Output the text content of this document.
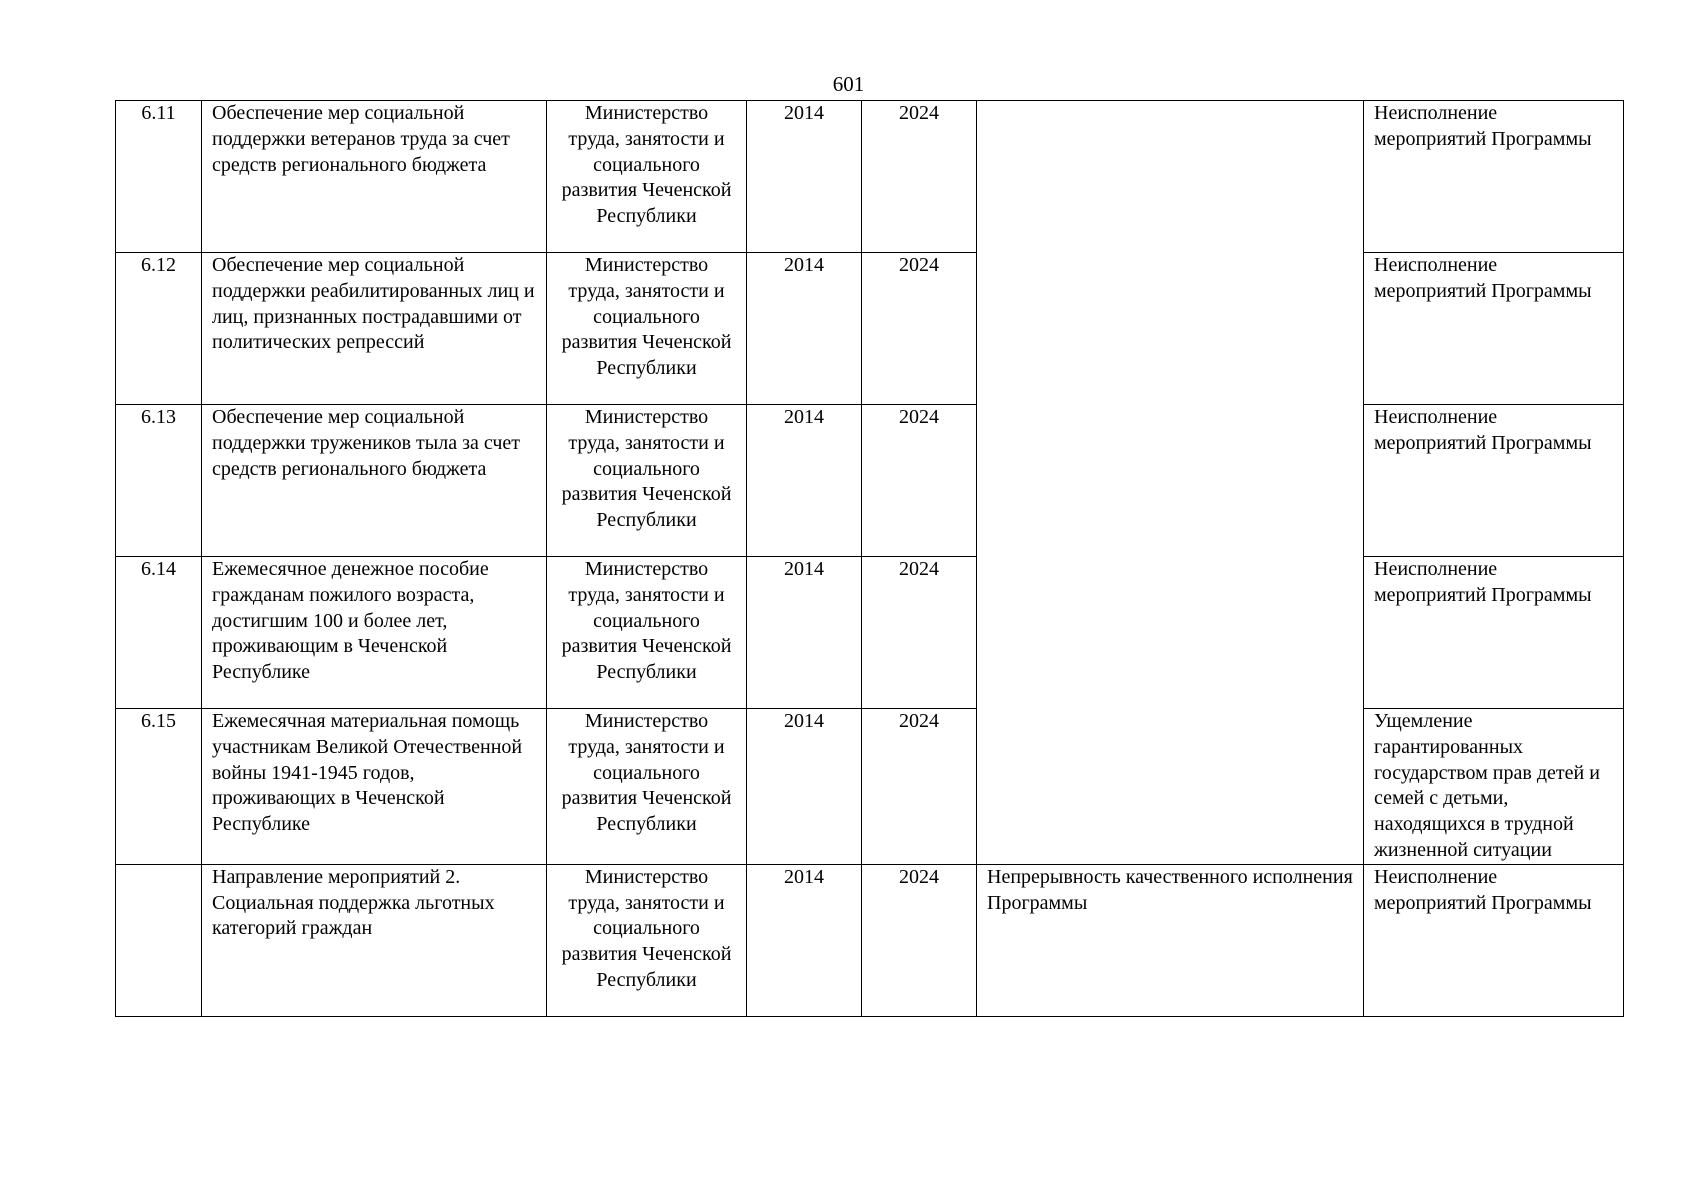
601
6.11	Обеспечение мер социальной поддержки ветеранов труда за счет средств регионального бюджета	Министерство труда, занятости и социального развития Чеченской Республики	2014	2024		Неисполнение мероприятий Программы
6.12	Обеспечение мер социальной поддержки реабилитированных лиц и лиц, признанных пострадавшими от политических репрессий	Министерство труда, занятости и социального развития Чеченской Республики	2014	2024		Неисполнение мероприятий Программы
6.13	Обеспечение мер социальной поддержки тружеников тыла за счет средств регионального бюджета	Министерство труда, занятости и социального развития Чеченской Республики	2014	2024		Неисполнение мероприятий Программы
6.14	Ежемесячное денежное пособие гражданам пожилого возраста, достигшим 100 и более лет, проживающим в Чеченской Республике	Министерство труда, занятости и социального развития Чеченской Республики	2014	2024		Неисполнение мероприятий Программы
6.15	Ежемесячная материальная помощь участникам Великой Отечественной войны 1941-1945 годов, проживающих в Чеченской Республике	Министерство труда, занятости и социального развития Чеченской Республики	2014	2024		Ущемление гарантированных государством прав детей и семей с детьми, находящихся в трудной жизненной ситуации
	Направление мероприятий 2. Социальная поддержка льготных категорий граждан	Министерство труда, занятости и социального развития Чеченской Республики	2014	2024	Непрерывность качественного исполнения Программы	Неисполнение мероприятий Программы
